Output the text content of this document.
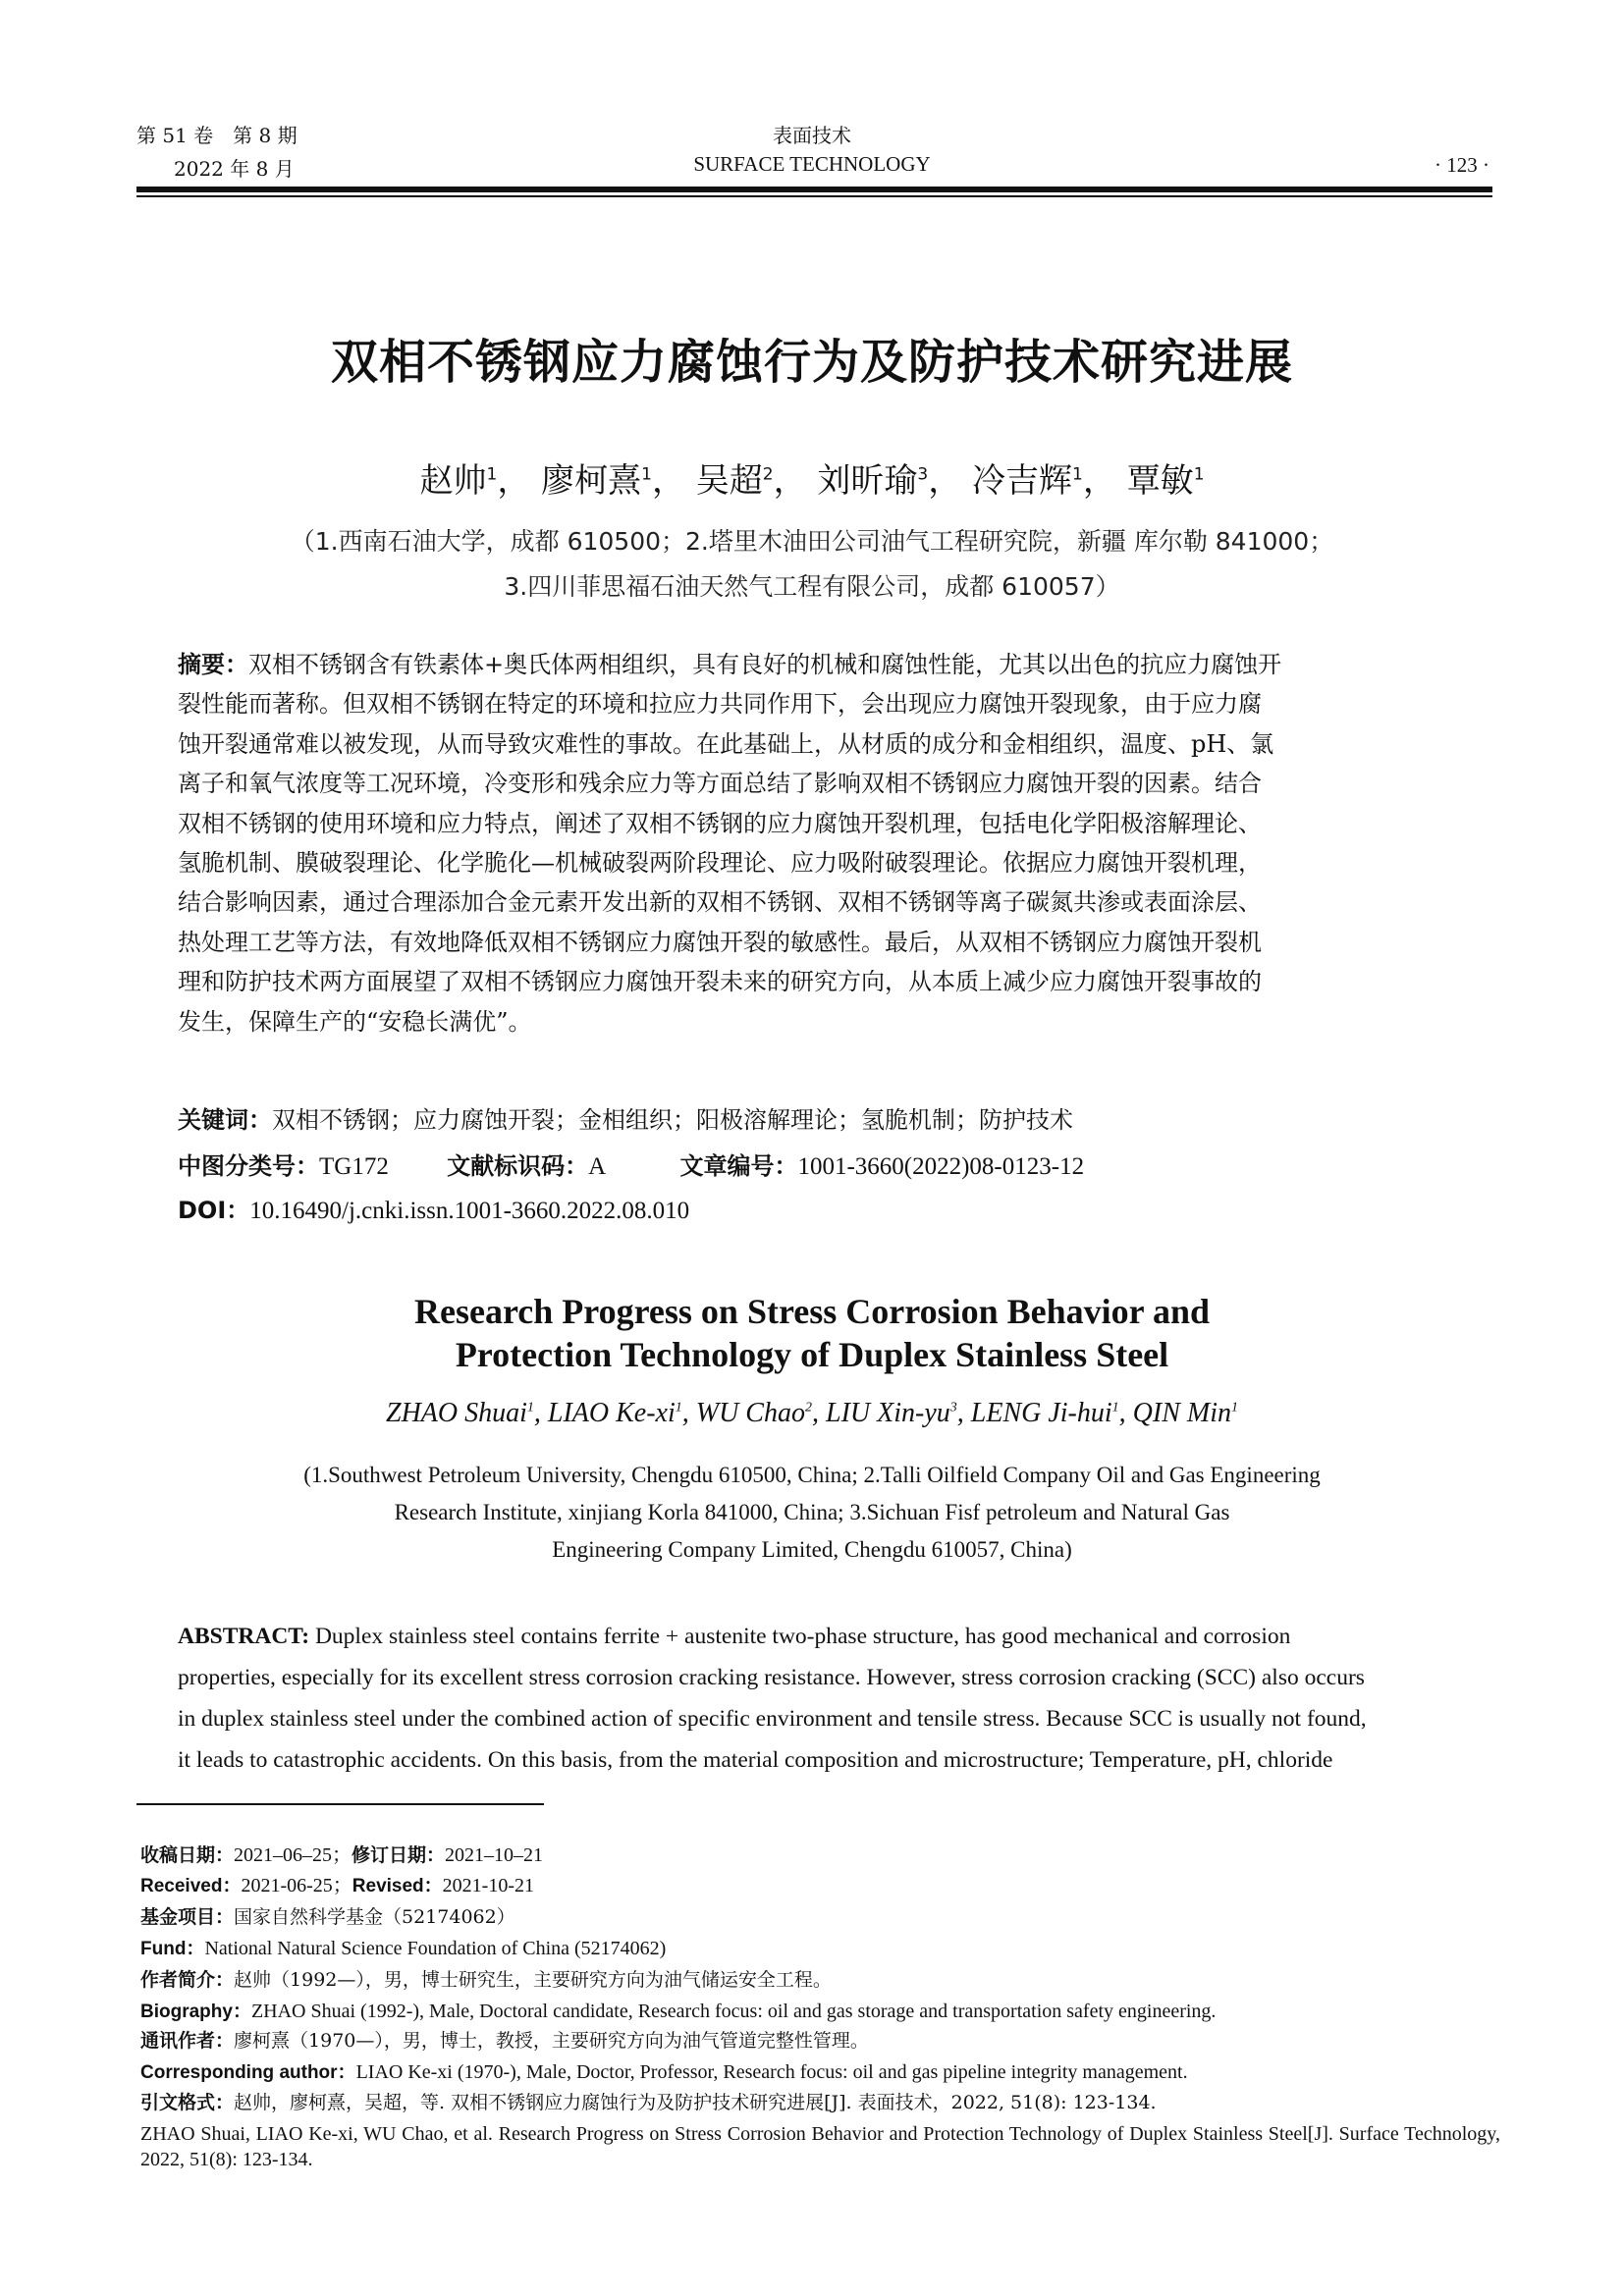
第 51 卷　第 8 期
2022 年 8 月
表面技术
SURFACE TECHNOLOGY	· 123 ·
双相不锈钢应力腐蚀行为及防护技术研究进展
赵帅$^1$， 廖柯熹$^1$， 吴超$^2$， 刘昕瑜$^3$， 冷吉辉$^1$， 覃敏$^1$
（1.西南石油大学，成都 610500；2.塔里木油田公司油气工程研究院，新疆 库尔勒 841000；
3.四川菲思福石油天然气工程有限公司，成都 610057）
摘要：双相不锈钢含有铁素体+奥氏体两相组织，具有良好的机械和腐蚀性能，尤其以出色的抗应力腐蚀开
裂性能而著称。但双相不锈钢在特定的环境和拉应力共同作用下，会出现应力腐蚀开裂现象，由于应力腐
蚀开裂通常难以被发现，从而导致灾难性的事故。在此基础上，从材质的成分和金相组织，温度、pH、氯
离子和氧气浓度等工况环境，冷变形和残余应力等方面总结了影响双相不锈钢应力腐蚀开裂的因素。结合
双相不锈钢的使用环境和应力特点，阐述了双相不锈钢的应力腐蚀开裂机理，包括电化学阳极溶解理论、
氢脆机制、膜破裂理论、化学脆化—机械破裂两阶段理论、应力吸附破裂理论。依据应力腐蚀开裂机理，
结合影响因素，通过合理添加合金元素开发出新的双相不锈钢、双相不锈钢等离子碳氮共渗或表面涂层、
热处理工艺等方法，有效地降低双相不锈钢应力腐蚀开裂的敏感性。最后，从双相不锈钢应力腐蚀开裂机
理和防护技术两方面展望了双相不锈钢应力腐蚀开裂未来的研究方向，从本质上减少应力腐蚀开裂事故的
发生，保障生产的“安稳长满优”。
关键词：双相不锈钢；应力腐蚀开裂；金相组织；阳极溶解理论；氢脆机制；防护技术
中图分类号：TG172 文献标识码：A	文章编号：1001-3660(2022)08-0123-12
DOI：10.16490/j.cnki.issn.1001-3660.2022.08.010
Research Progress on Stress Corrosion Behavior and
Protection Technology of Duplex Stainless Steel
ZHAO Shuai$^1$, LIAO $Ke-xi^1$, WU Chao$^2$, LIU Xin-$yu^3$, LENG Ji-hui$^1$, QIN Min$^1$
(1.Southwest Petroleum University, Chengdu 610500, China; 2.Talli Oilfield Company Oil and Gas Engineering
Research Institute, xinjiang Korla 841000, China; 3.Sichuan Fisf petroleum and Natural Gas
Engineering Company Limited, Chengdu 610057, China)
ABSTRACT: Duplex stainless steel contains ferrite + austenite two-phase structure, has good mechanical and corrosion
properties, especially for its excellent stress corrosion cracking resistance. However, stress corrosion cracking (SCC) also occurs
in duplex stainless steel under the combined action of specific environment and tensile stress. Because SCC is usually not found,
it leads to catastrophic accidents. On this basis, from the material composition and microstructure; Temperature, pH, chloride
收稿日期：2021–06–25；修订日期：2021–10–21
Received：2021-06-25；Revised：2021-10-21
基金项目：国家自然科学基金（52174062）
Fund：National Natural Science Foundation of China (52174062)
作者简介：赵帅（1992—），男，博士研究生，主要研究方向为油气储运安全工程。
Biography：ZHAO Shuai (1992-), Male, Doctoral candidate, Research focus: oil and gas storage and transportation safety engineering.
通讯作者：廖柯熹（1970—），男，博士，教授，主要研究方向为油气管道完整性管理。
Corresponding author：LIAO Ke-xi (1970-), Male, Doctor, Professor, Research focus: oil and gas pipeline integrity management.
引文格式：赵帅，廖柯熹，吴超，等. 双相不锈钢应力腐蚀行为及防护技术研究进展[J]. 表面技术，2022, 51(8): 123-134.
ZHAO Shuai, LIAO Ke-xi, WU Chao, et al. Research Progress on Stress Corrosion Behavior and Protection Technology of Duplex Stainless Steel[J]. Surface Technology, 2022, 51(8): 123-134.
